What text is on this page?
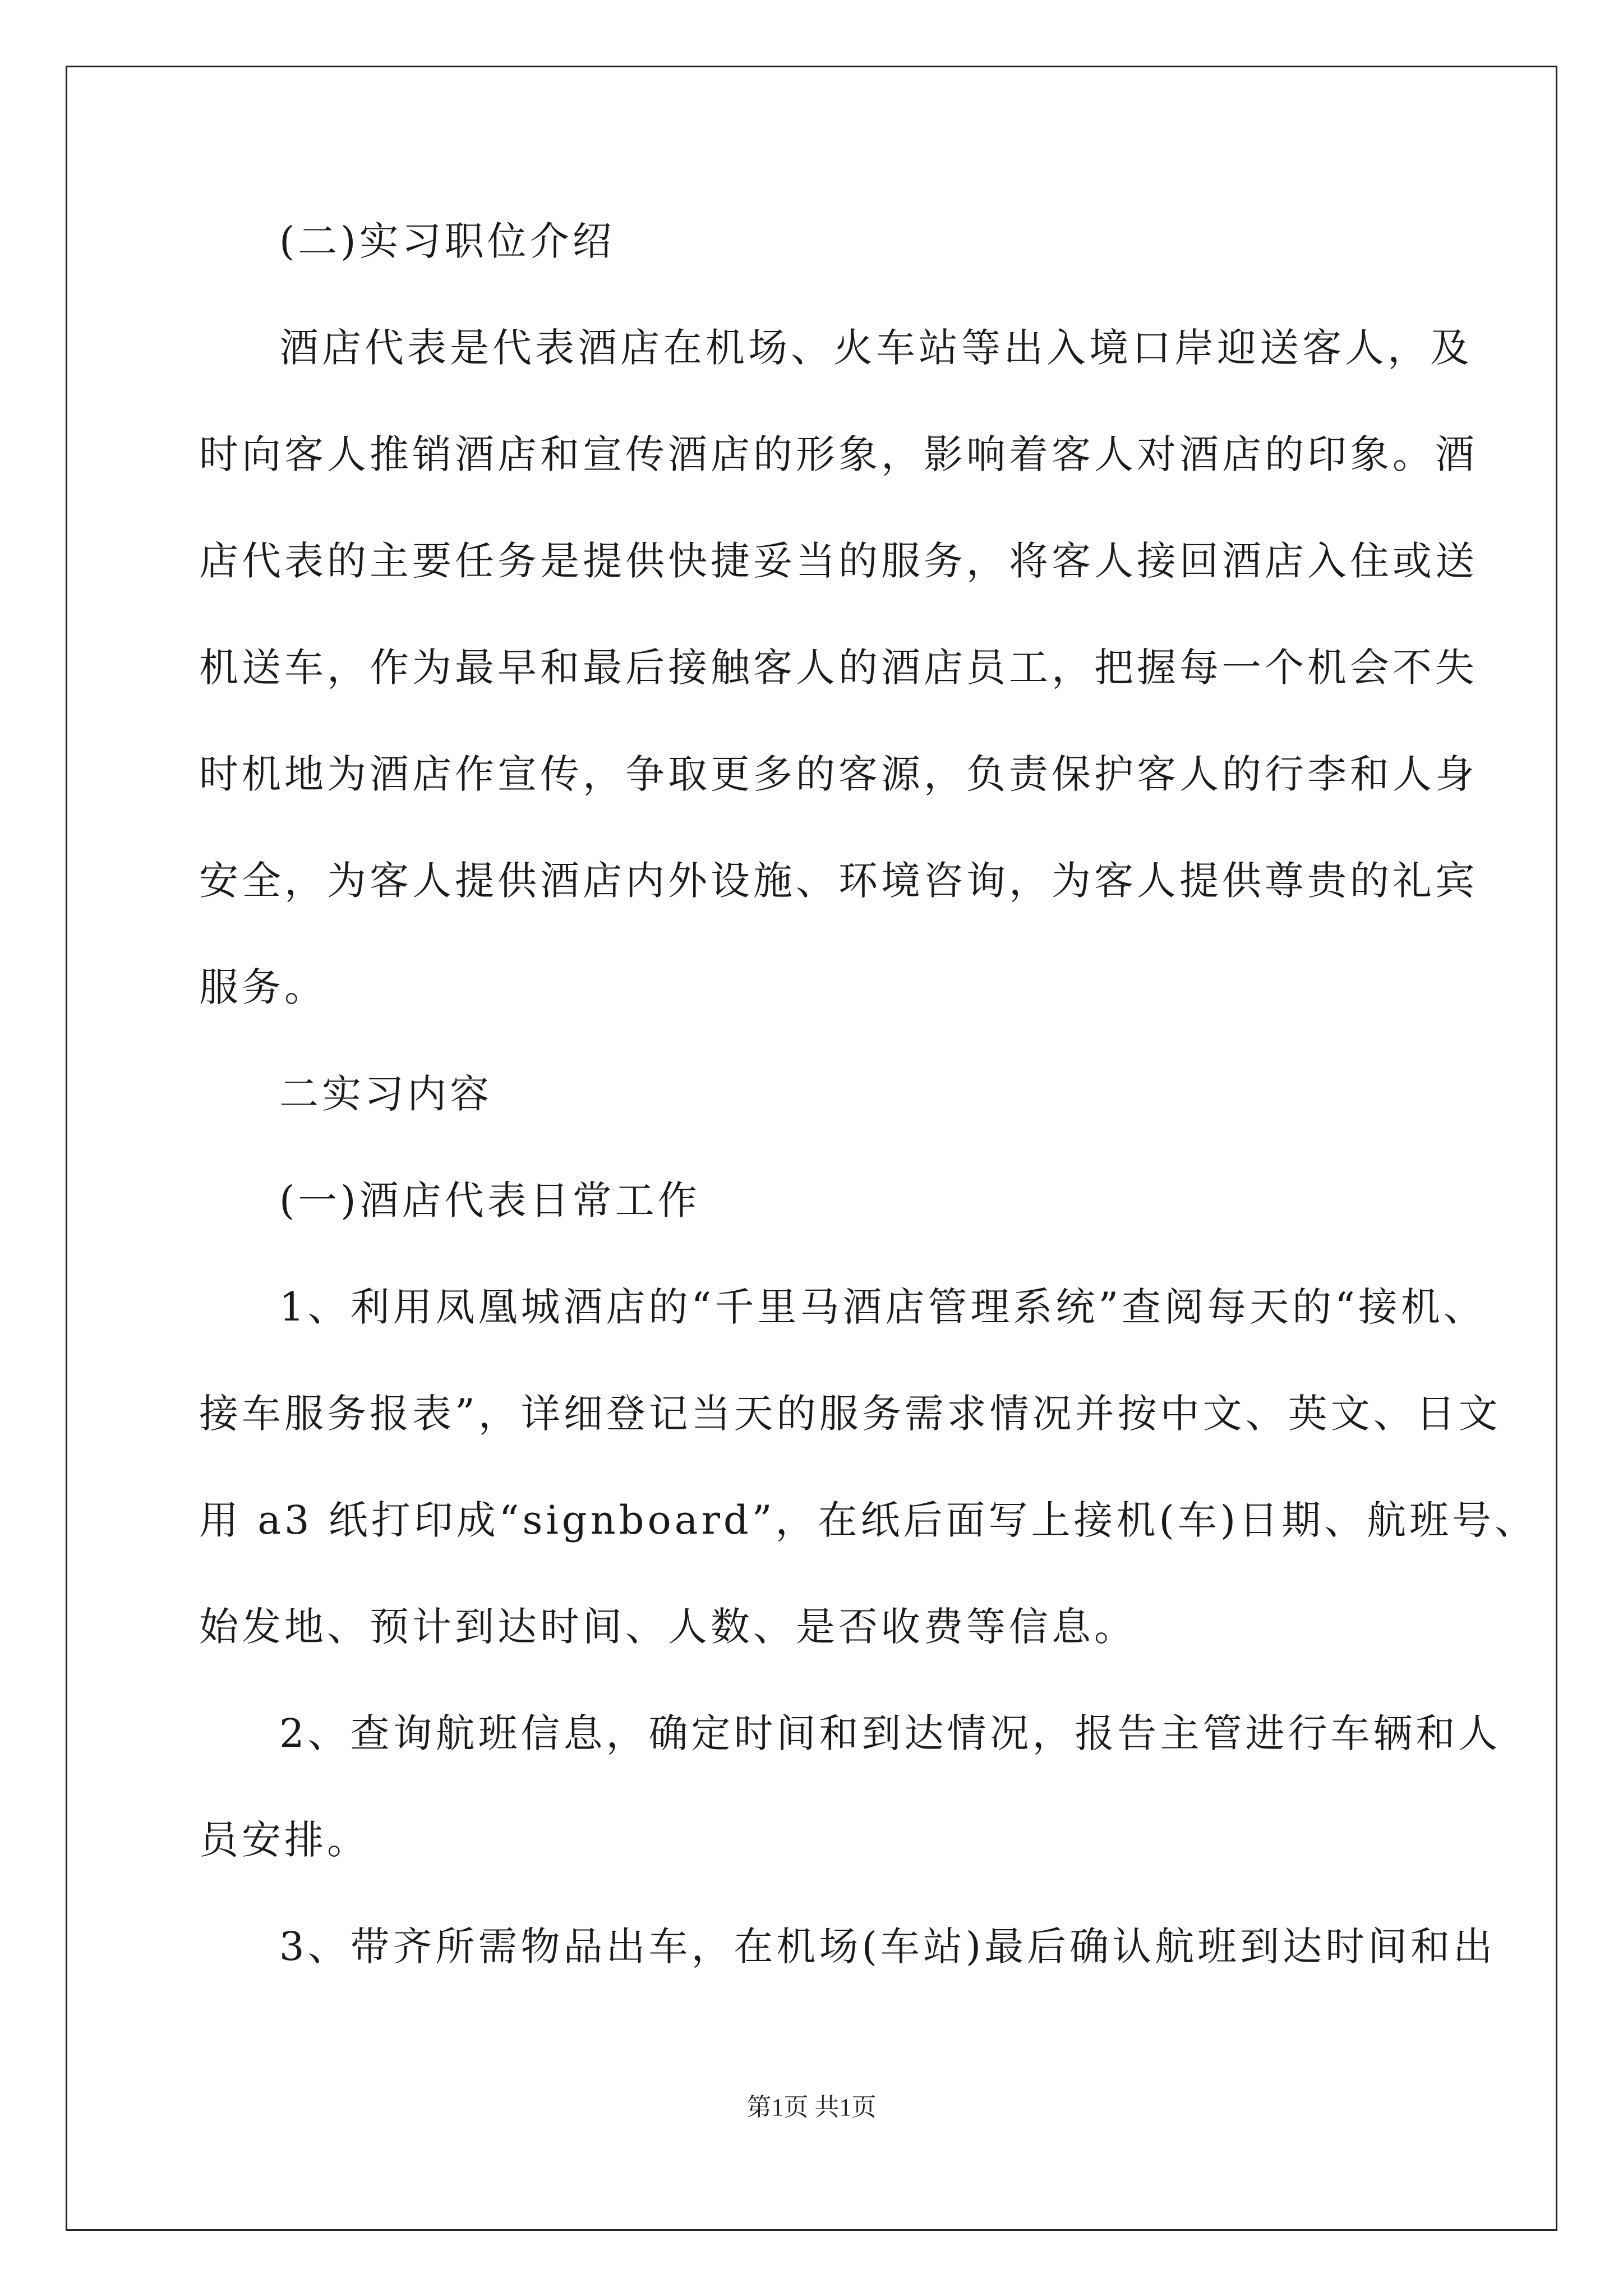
(二)实习职位介绍
酒店代表是代表酒店在机场、火车站等出入境口岸迎送客人，及
时向客人推销酒店和宣传酒店的形象，影响着客人对酒店的印象。酒
店代表的主要任务是提供快捷妥当的服务，将客人接回酒店入住或送
机送车，作为最早和最后接触客人的酒店员工，把握每一个机会不失
时机地为酒店作宣传，争取更多的客源，负责保护客人的行李和人身
安全，为客人提供酒店内外设施、环境咨询，为客人提供尊贵的礼宾
服务。
二实习内容
(一)酒店代表日常工作
1、利用凤凰城酒店的“千里马酒店管理系统”查阅每天的“接机、
接车服务报表”，详细登记当天的服务需求情况并按中文、英文、日文
用 a3 纸打印成“signboard”，在纸后面写上接机(车)日期、航班号、
始发地、预计到达时间、人数、是否收费等信息。
2、查询航班信息，确定时间和到达情况，报告主管进行车辆和人
员安排。
3、带齐所需物品出车，在机场(车站)最后确认航班到达时间和出
第1页 共1页
